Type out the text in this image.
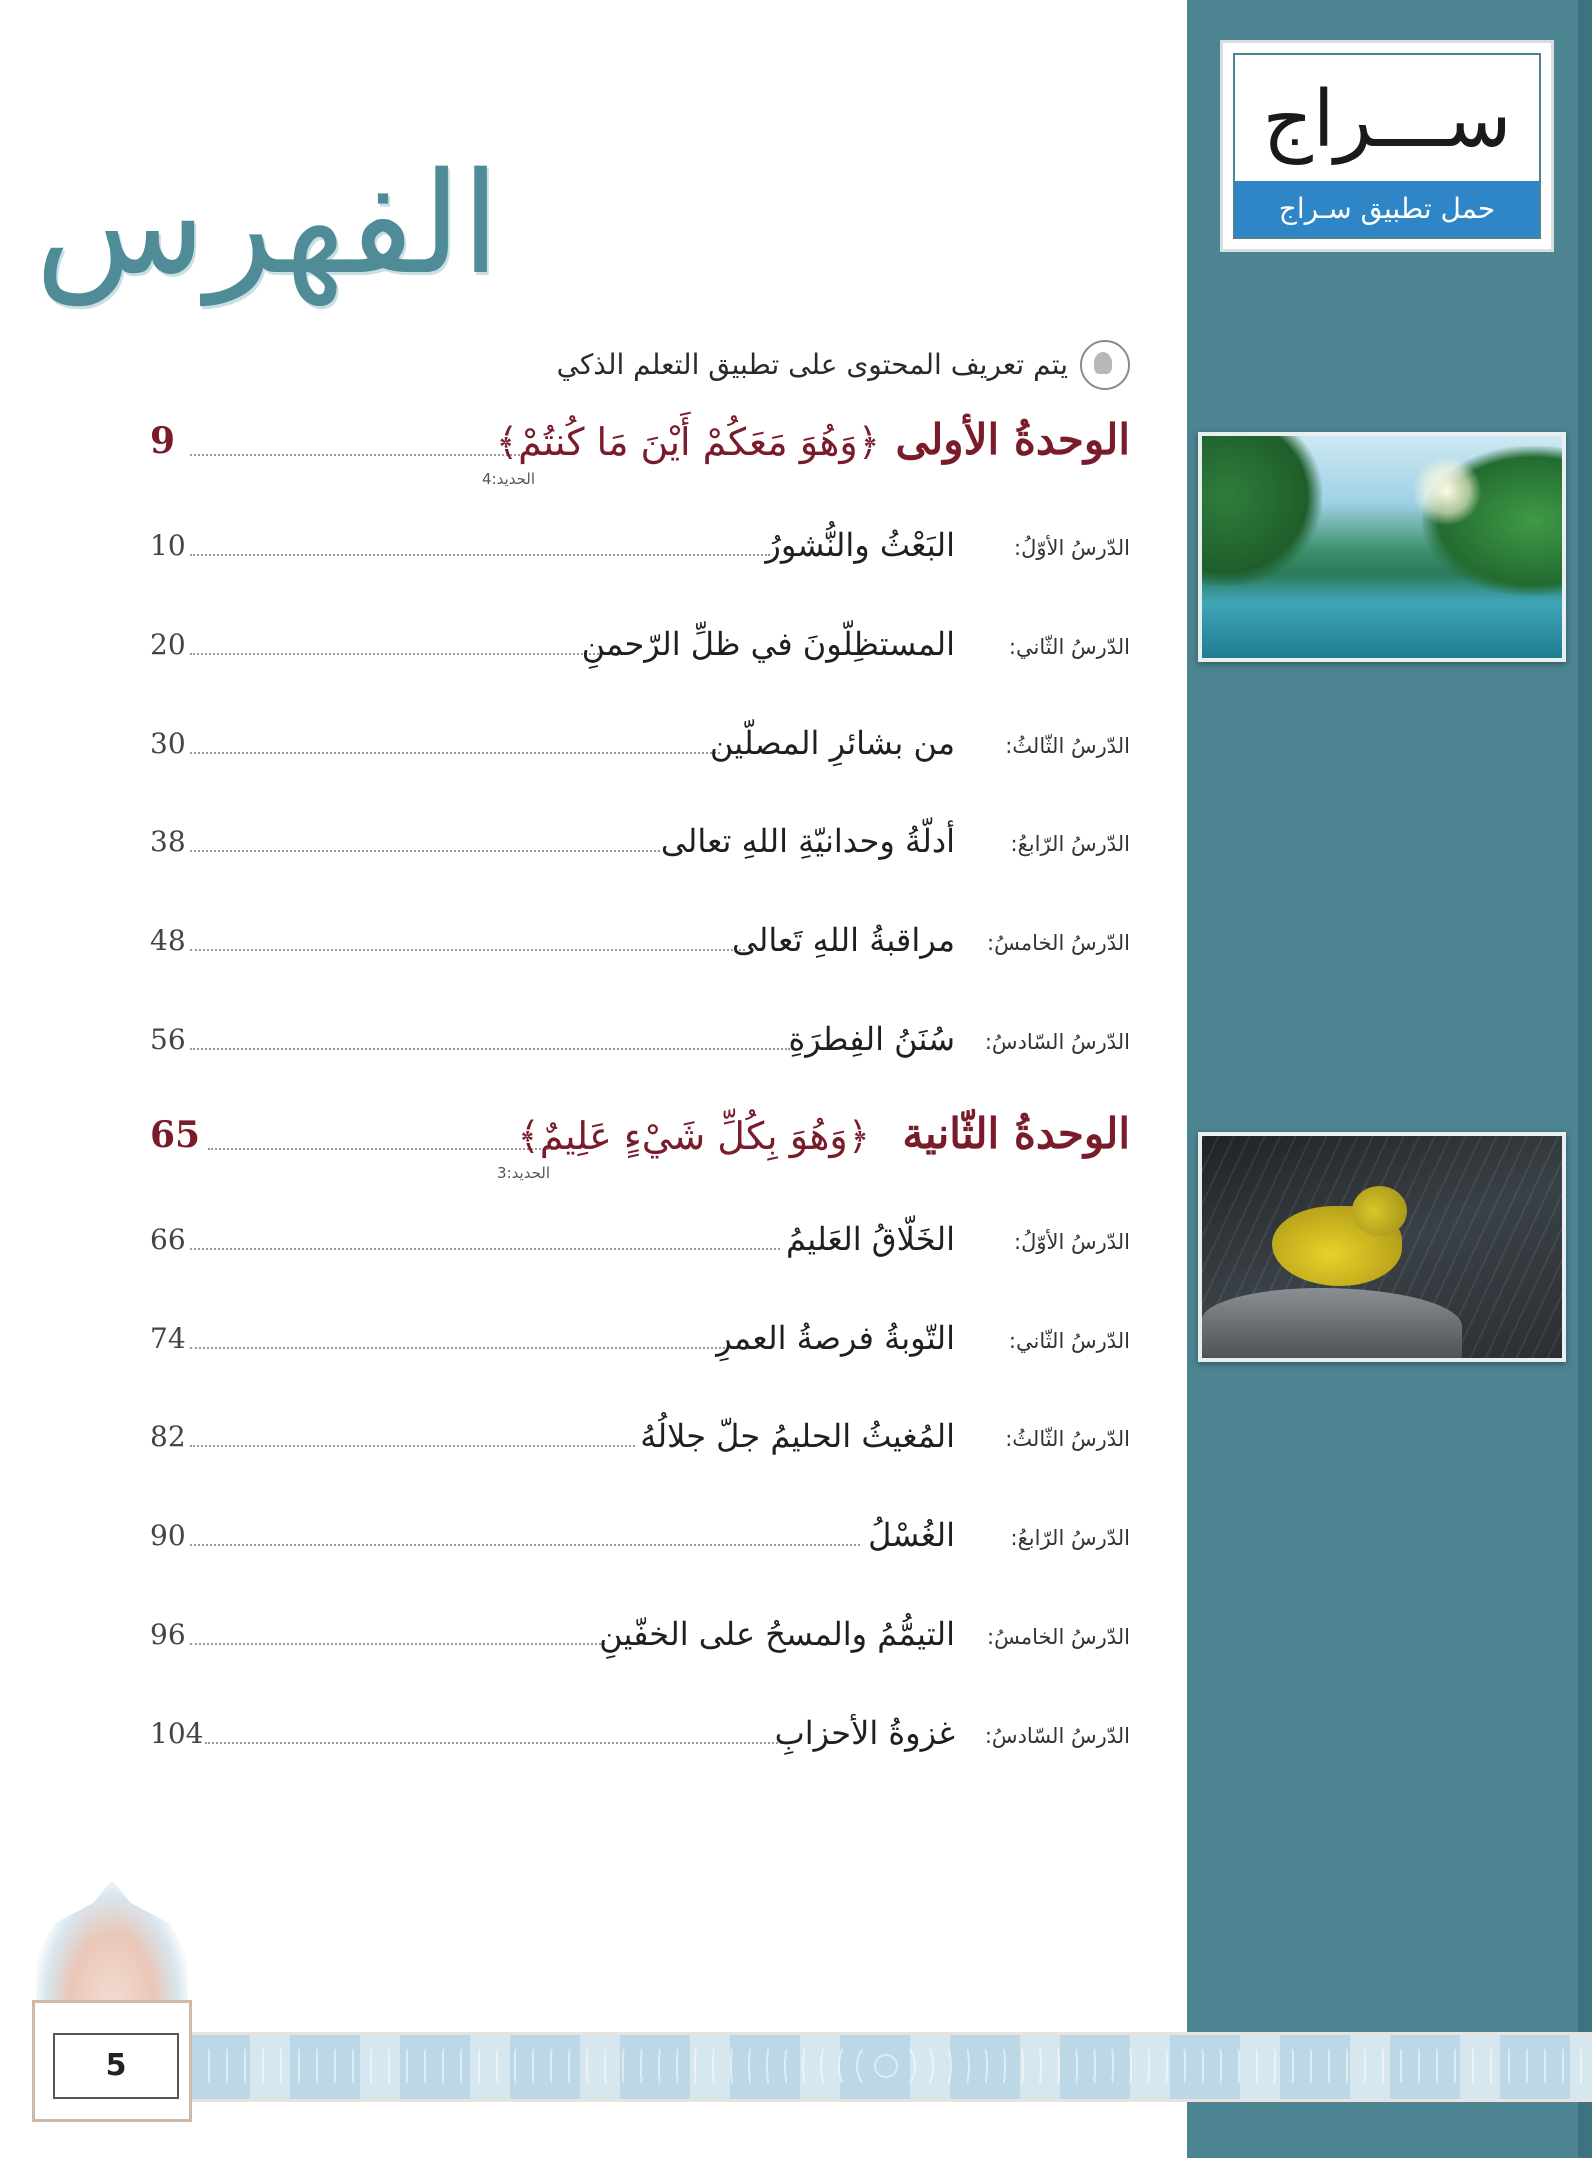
ســـراج
حمل تطبيق سـراج
الفهرس
يتم تعريف المحتوى على تطبيق التعلم الذكي
9	الوحدةُ الأولى
﴿وَهُوَ مَعَكُمْ أَيْنَ مَا كُنتُمْ﴾
الحديد:4
10	الدّرسُ الأوّلُ:
البَعْثُ والنُّشورُ
20	الدّرسُ الثّاني:
المستظِلّونَ في ظلِّ الرّحمنِ
30	الدّرسُ الثّالثُ:
من بشائرِ المصلّين
38	الدّرسُ الرّابعُ:
أدلّةُ وحدانيّةِ اللهِ تعالى
48	الدّرسُ الخامسُ:
مراقبةُ اللهِ تَعالى
56	الدّرسُ السّادسُ:
سُنَنُ الفِطرَةِ
65	الوحدةُ الثّانية
﴿وَهُوَ بِكُلِّ شَيْءٍ عَلِيمٌ﴾
الحديد:3
66	الدّرسُ الأوّلُ:
الخَلّاقُ العَليمُ
74	الدّرسُ الثّاني:
التّوبةُ فرصةُ العمرِ
82	الدّرسُ الثّالثُ:
المُغيثُ الحليمُ جلّ جلالُهُ
90	الدّرسُ الرّابعُ:
الغُسْلُ
96	الدّرسُ الخامسُ:
التيمُّمُ والمسحُ على الخفّينِ
104	الدّرسُ السّادسُ:
غزوةُ الأحزابِ
5
